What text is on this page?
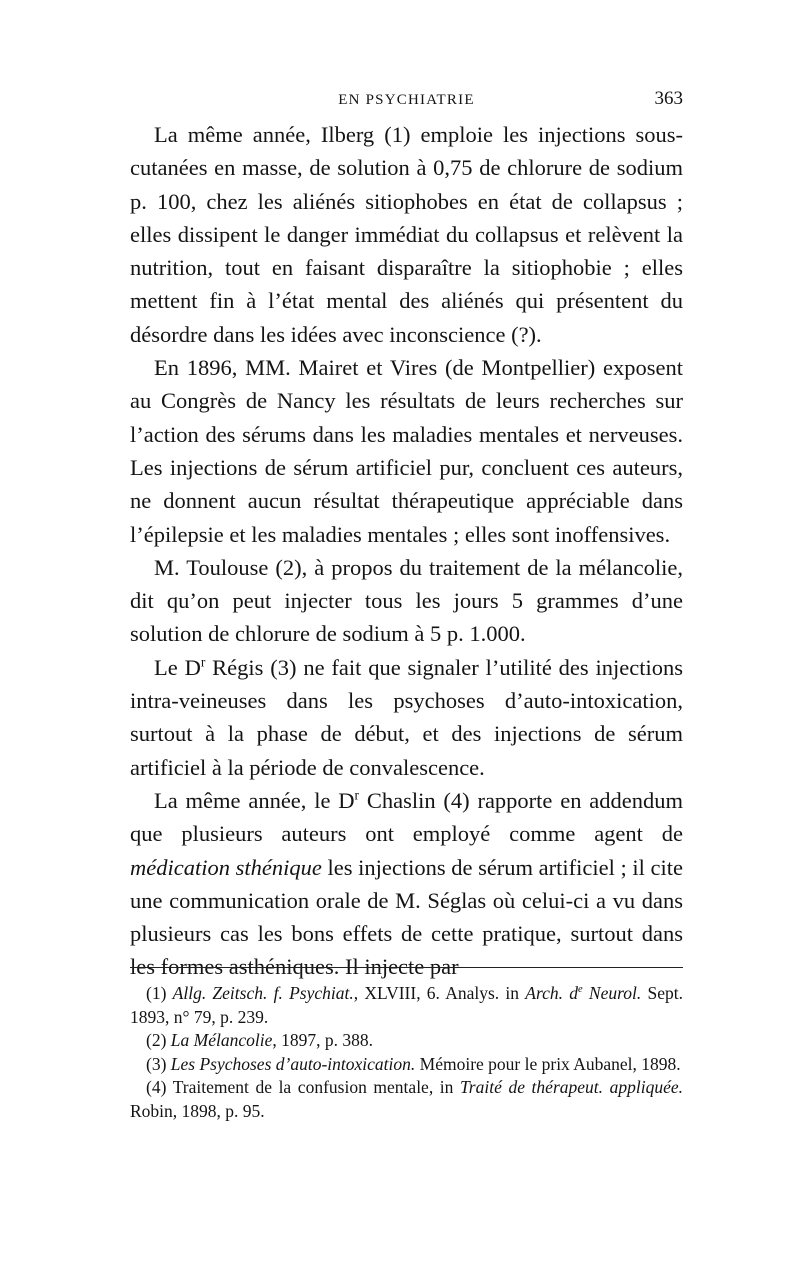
EN PSYCHIATRIE	363

La même année, Ilberg (1) emploie les injections sous-cutanées en masse, de solution à 0,75 de chlorure de sodium p. 100, chez les aliénés sitiophobes en état de collapsus ; elles dissipent le danger immédiat du collapsus et relèvent la nutrition, tout en faisant disparaître la sitiophobie ; elles mettent fin à l’état mental des aliénés qui présentent du désordre dans les idées avec inconscience (?).

En 1896, MM. Mairet et Vires (de Montpellier) exposent au Congrès de Nancy les résultats de leurs recherches sur l’action des sérums dans les maladies mentales et nerveuses. Les injections de sérum artificiel pur, concluent ces auteurs, ne donnent aucun résultat thérapeutique appréciable dans l’épilepsie et les maladies mentales ; elles sont inoffensives.

M. Toulouse (2), à propos du traitement de la mélancolie, dit qu’on peut injecter tous les jours 5 grammes d’une solution de chlorure de sodium à 5 p. 1.000.

Le $D^r$ Régis (3) ne fait que signaler l’utilité des injections intra-veineuses dans les psychoses d’auto-intoxication, surtout à la phase de début, et des injections de sérum artificiel à la période de convalescence.

La même année, le $D^r$ Chaslin (4) rapporte en addendum que plusieurs auteurs ont employé comme agent de médication sthénique les injections de sérum artificiel ; il cite une communication orale de M. Séglas où celui-ci a vu dans plusieurs cas les bons effets de cette pratique, surtout dans les formes asthéniques. Il injecte par

(1) Allg. Zeitsch. f. Psychiat., XLVIII, 6. Analys. in Arch. $d^e$ Neurol. Sept. 1893, n° 79, p. 239.

(2) La Mélancolie, 1897, p. 388.

(3) Les Psychoses d’auto-intoxication. Mémoire pour le prix Aubanel, 1898.

(4) Traitement de la confusion mentale, in Traité de thérapeut. appliquée. Robin, 1898, p. 95.
